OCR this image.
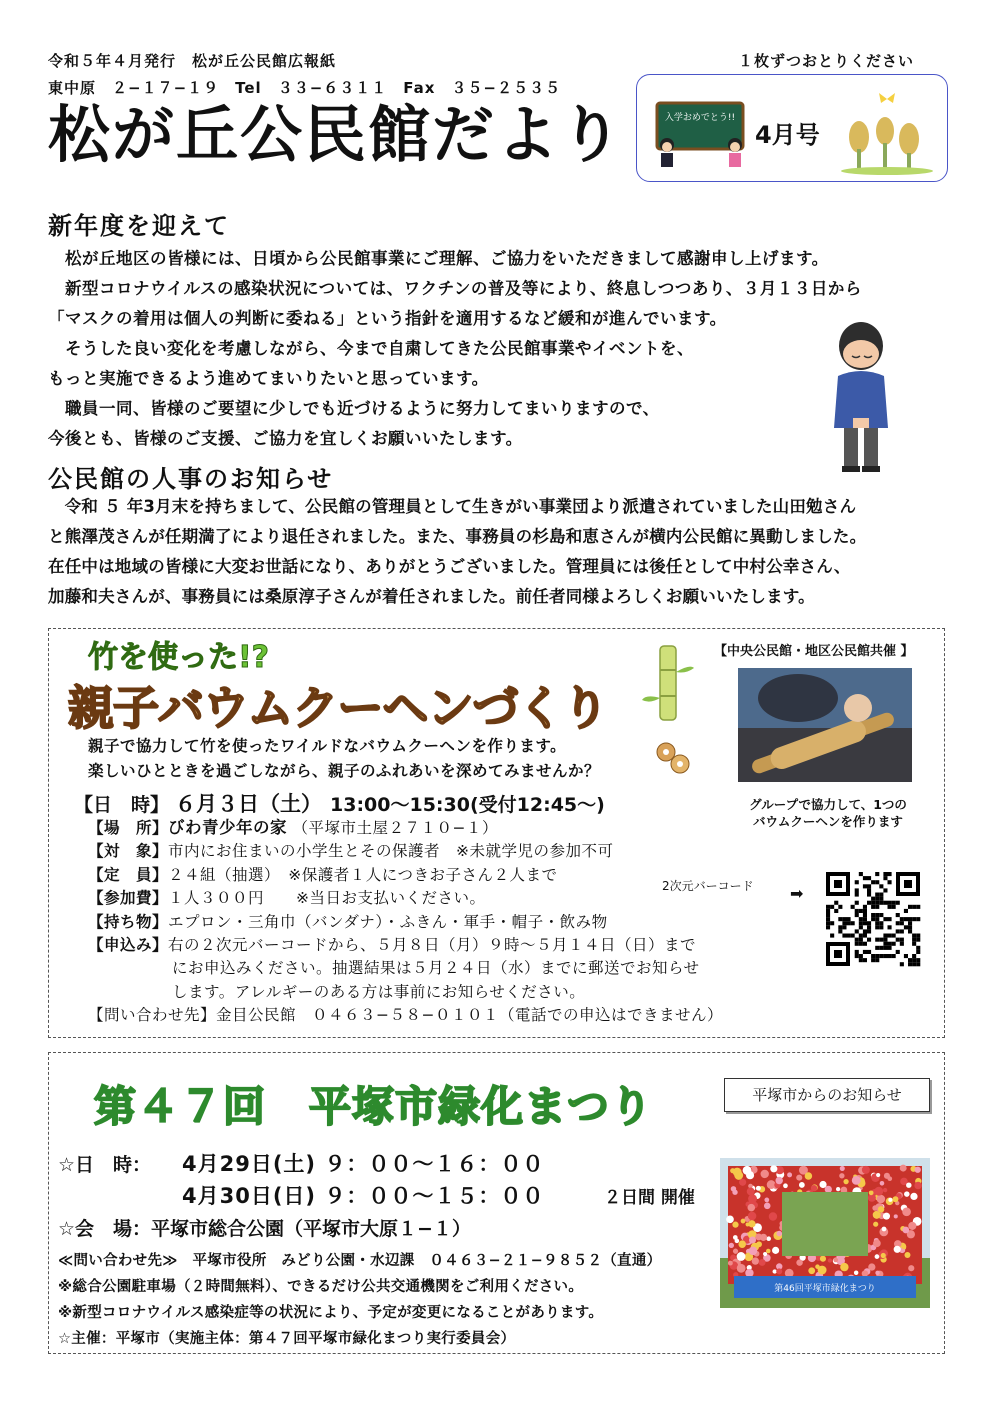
令和５年４月発行　松が丘公民館広報紙
東中原　２−１７−１９　Tel　３３−６３１１　Fax　３５−２５３５
１枚ずつおとりください
松が丘公民館だより	入学おめでとう!!
4月号
新年度を迎えて
　松が丘地区の皆様には、日頃から公民館事業にご理解、ご協力をいただきまして感謝申し上げます。
　新型コロナウイルスの感染状況については、ワクチンの普及等により、終息しつつあり、３月１３日から
「マスクの着用は個人の判断に委ねる」という指針を適用するなど緩和が進んでいます。
　そうした良い変化を考慮しながら、今まで自粛してきた公民館事業やイベントを、
もっと実施できるよう進めてまいりたいと思っています。
　職員一同、皆様のご要望に少しでも近づけるように努力してまいりますので、
今後とも、皆様のご支援、ご協力を宜しくお願いいたします。
公民館の人事のお知らせ
　令和 ５ 年3月末を持ちまして、公民館の管理員として生きがい事業団より派遣されていました山田勉さん
と熊澤茂さんが任期満了により退任されました。また、事務員の杉島和恵さんが横内公民館に異動しました。
在任中は地域の皆様に大変お世話になり、ありがとうございました。管理員には後任として中村公幸さん、
加藤和夫さんが、事務員には桑原淳子さんが着任されました。前任者同様よろしくお願いいたします。
竹を使った!?
親子バウムクーヘンづくり
【中央公民館・地区公民館共催 】
グループで協力して、1つの
バウムクーヘンを作ります
親子で協力して竹を使ったワイルドなバウムクーヘンを作ります。
楽しいひとときを過ごしながら、親子のふれあいを深めてみませんか？
【日　時】 ６月３日（土） 13:00〜15:30(受付12:45〜)
【場　所】びわ青少年の家 （平塚市土屋２７１０−１）
【対　象】市内にお住まいの小学生とその保護者　※未就学児の参加不可
【定　員】２４組（抽選）　※保護者１人につきお子さん２人まで
【参加費】１人３００円　　※当日お支払いください。
【持ち物】エプロン・三角巾（バンダナ）・ふきん・軍手・帽子・飲み物
【申込み】右の２次元バーコードから、５月８日（月）９時〜５月１４日（日）まで
にお申込みください。抽選結果は５月２４日（水）までに郵送でお知らせ
します。アレルギーのある方は事前にお知らせください。
【問い合わせ先】金目公民館　０４６３−５８−０１０１（電話での申込はできません）
2次元バーコード ➡
第４７回　平塚市緑化まつり	平塚市からのお知らせ
☆日　時： 4月29日(土) ９：００〜１６：００
4月30日(日) ９：００〜１５：００	２日間 開催
☆会　場：平塚市総合公園（平塚市大原１−１）
≪問い合わせ先≫　平塚市役所　みどり公園・水辺課　０４６３−２１−９８５２（直通）
※総合公園駐車場（２時間無料）、できるだけ公共交通機関をご利用ください。
※新型コロナウイルス感染症等の状況により、予定が変更になることがあります。
☆主催：平塚市（実施主体：第４７回平塚市緑化まつり実行委員会）
第46回平塚市緑化まつり
